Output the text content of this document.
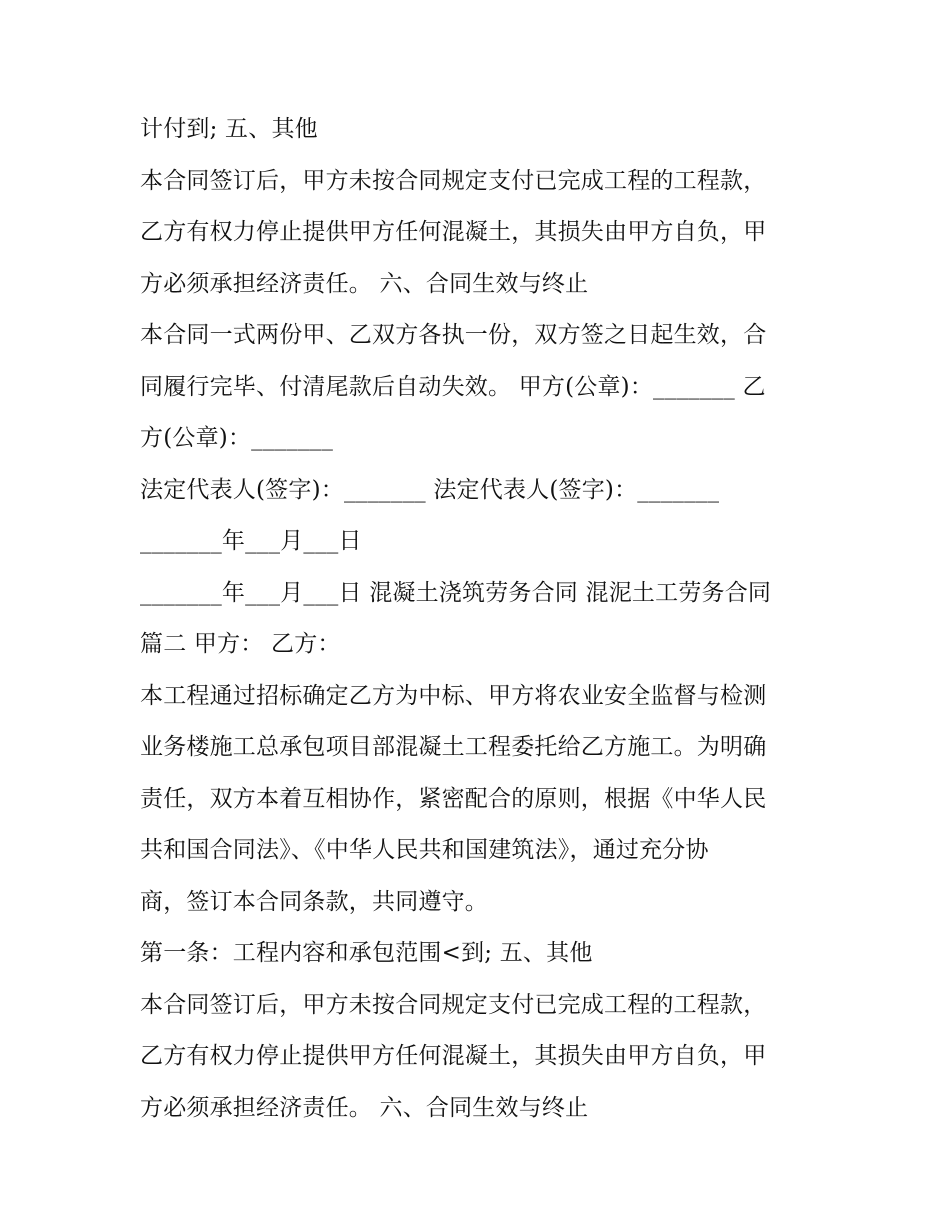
计付到; 五、其他
本合同签订后，甲方未按合同规定支付已完成工程的工程款，
乙方有权力停止提供甲方任何混凝土，其损失由甲方自负，甲
方必须承担经济责任。 六、合同生效与终止
本合同一式两份甲、乙双方各执一份，双方签之日起生效，合
同履行完毕、付清尾款后自动失效。 甲方(公章)：_______ 乙
方(公章)：_______
法定代表人(签字)：_______ 法定代表人(签字)：_______
_______年___月___日
_______年___月___日 混凝土浇筑劳务合同 混泥土工劳务合同
篇二 甲方： 乙方：
本工程通过招标确定乙方为中标、甲方将农业安全监督与检测
业务楼施工总承包项目部混凝土工程委托给乙方施工。为明确
责任，双方本着互相协作，紧密配合的原则，根据《中华人民
共和国合同法》、《中华人民共和国建筑法》，通过充分协
商，签订本合同条款，共同遵守。
第一条：工程内容和承包范围<到; 五、其他
本合同签订后，甲方未按合同规定支付已完成工程的工程款，
乙方有权力停止提供甲方任何混凝土，其损失由甲方自负，甲
方必须承担经济责任。 六、合同生效与终止
